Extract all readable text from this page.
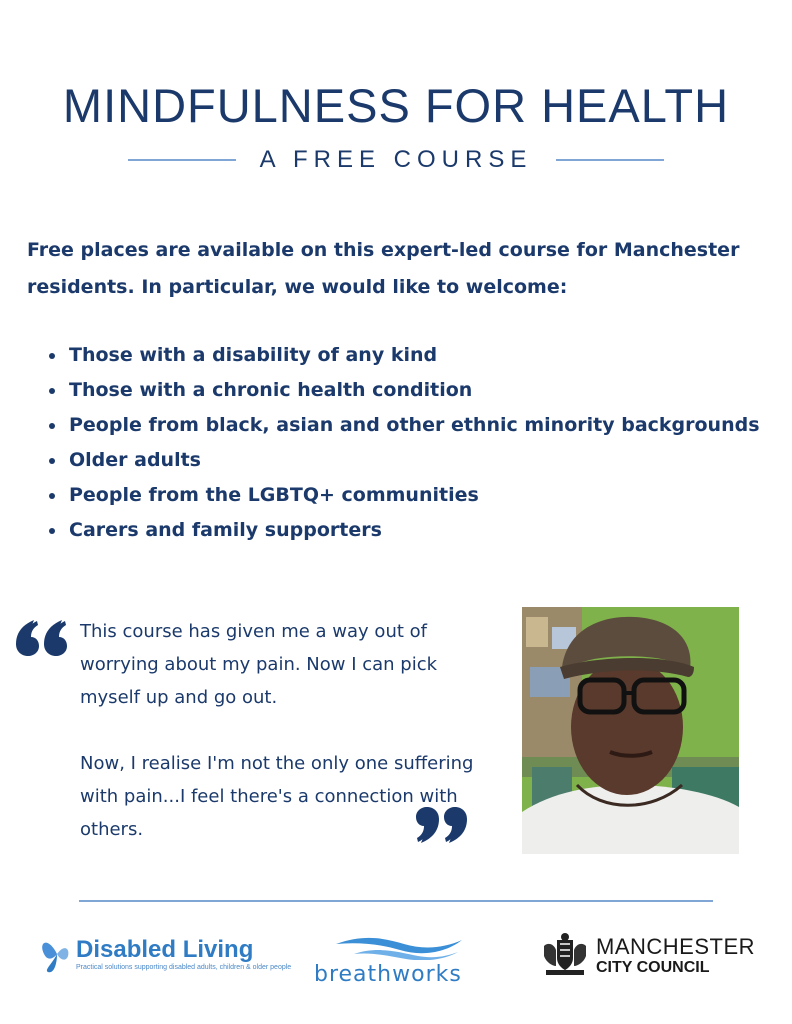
MINDFULNESS FOR HEALTH
A FREE COURSE

Free places are available on this expert-led course for Manchester residents. In particular, we would like to welcome:

Those with a disability of any kind
Those with a chronic health condition
People from black, asian and other ethnic minority backgrounds
Older adults
People from the LGBTQ+ communities
Carers and family supporters

This course has given me a way out of worrying about my pain. Now I can pick myself up and go out.

Now, I realise I'm not the only one suffering with pain...I feel there's a connection with others.

Disabled Living
Practical solutions supporting disabled adults, children & older people breathworks
MANCHESTER
CITY COUNCIL
